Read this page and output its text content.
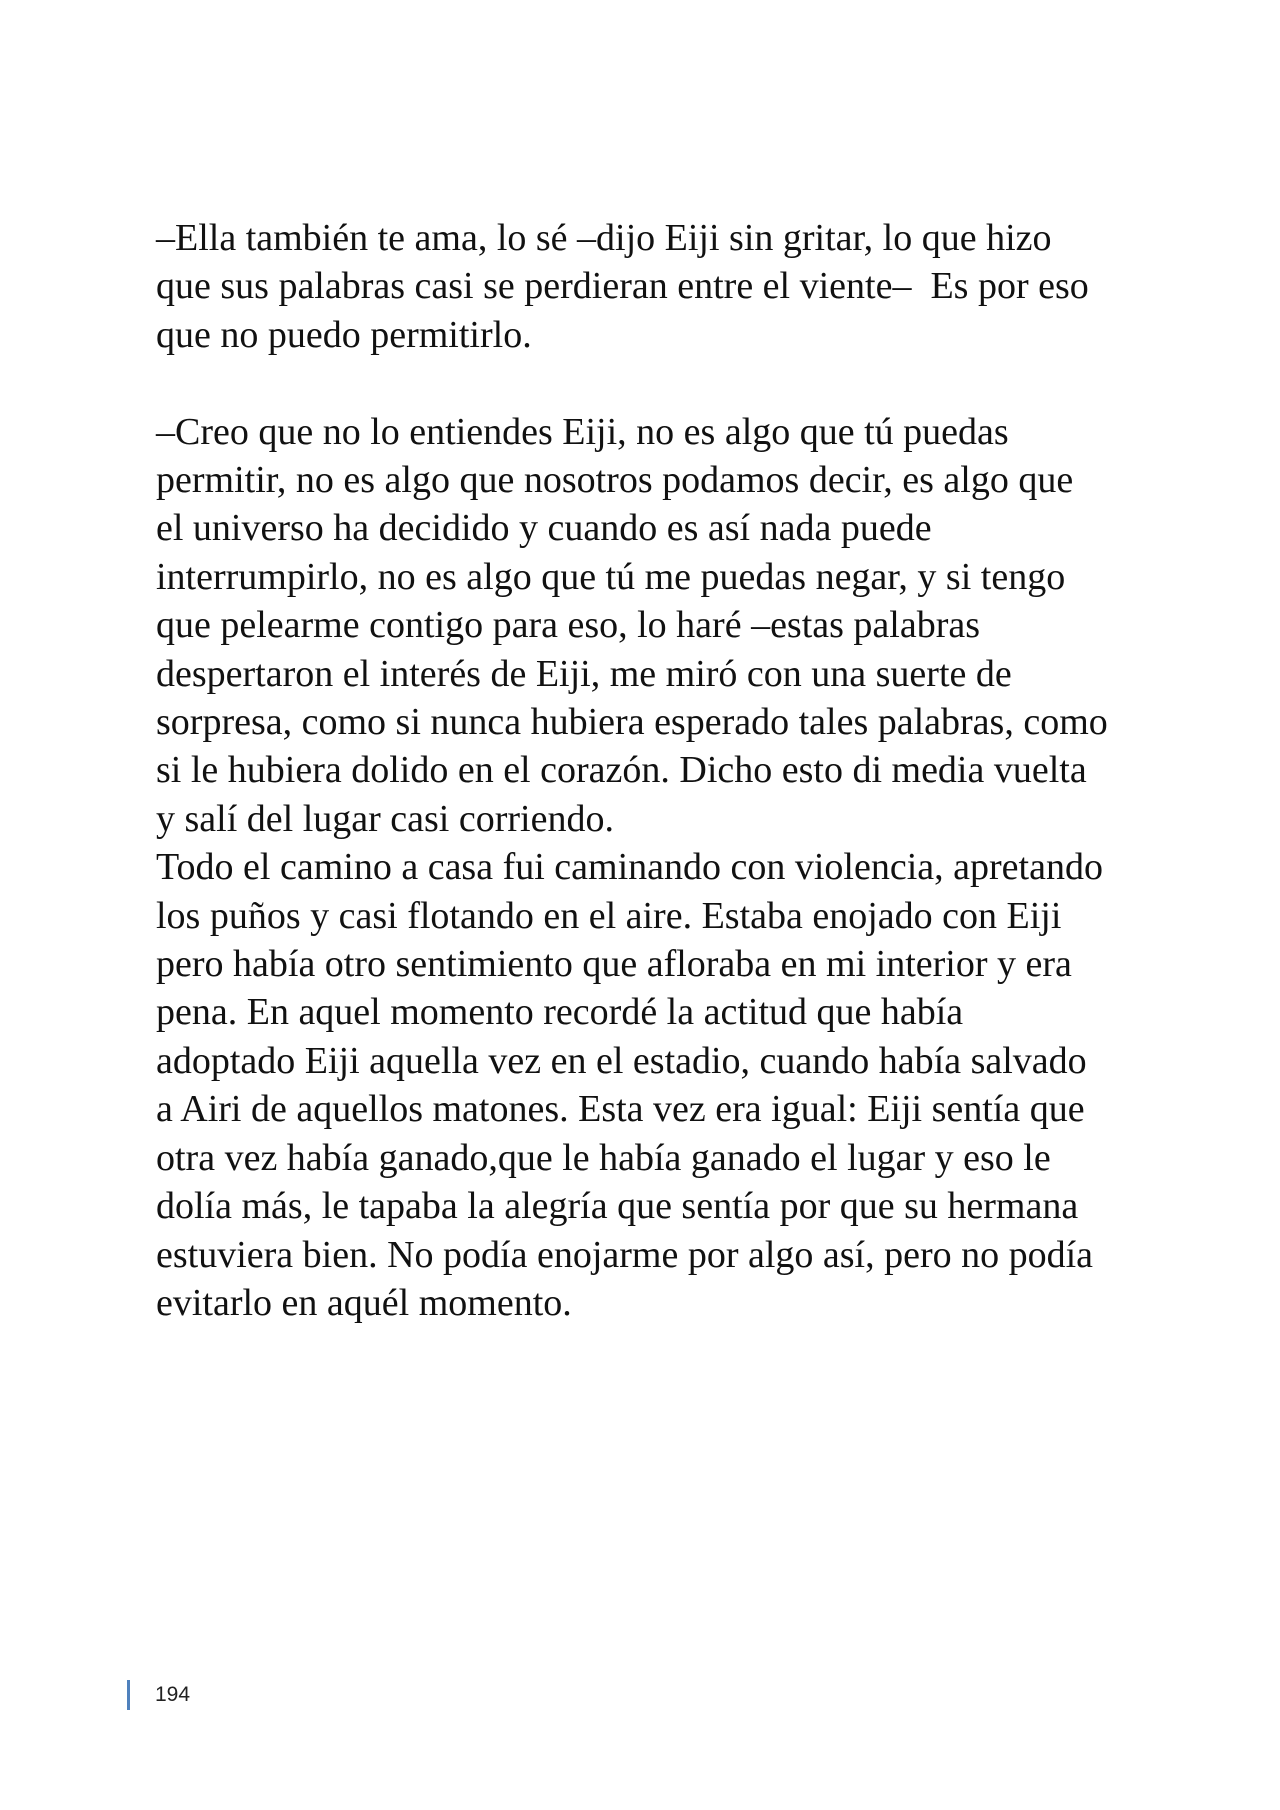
–Ella también te ama, lo sé –dijo Eiji sin gritar, lo que hizo
que sus palabras casi se perdieran entre el viente–  Es por eso
que no puedo permitirlo.
–Creo que no lo entiendes Eiji, no es algo que tú puedas
permitir, no es algo que nosotros podamos decir, es algo que
el universo ha decidido y cuando es así nada puede
interrumpirlo, no es algo que tú me puedas negar, y si tengo
que pelearme contigo para eso, lo haré –estas palabras
despertaron el interés de Eiji, me miró con una suerte de
sorpresa, como si nunca hubiera esperado tales palabras, como
si le hubiera dolido en el corazón. Dicho esto di media vuelta
y salí del lugar casi corriendo.
Todo el camino a casa fui caminando con violencia, apretando
los puños y casi flotando en el aire. Estaba enojado con Eiji
pero había otro sentimiento que afloraba en mi interior y era
pena. En aquel momento recordé la actitud que había
adoptado Eiji aquella vez en el estadio, cuando había salvado
a Airi de aquellos matones. Esta vez era igual: Eiji sentía que
otra vez había ganado,que le había ganado el lugar y eso le
dolía más, le tapaba la alegría que sentía por que su hermana
estuviera bien. No podía enojarme por algo así, pero no podía
evitarlo en aquél momento.
194
